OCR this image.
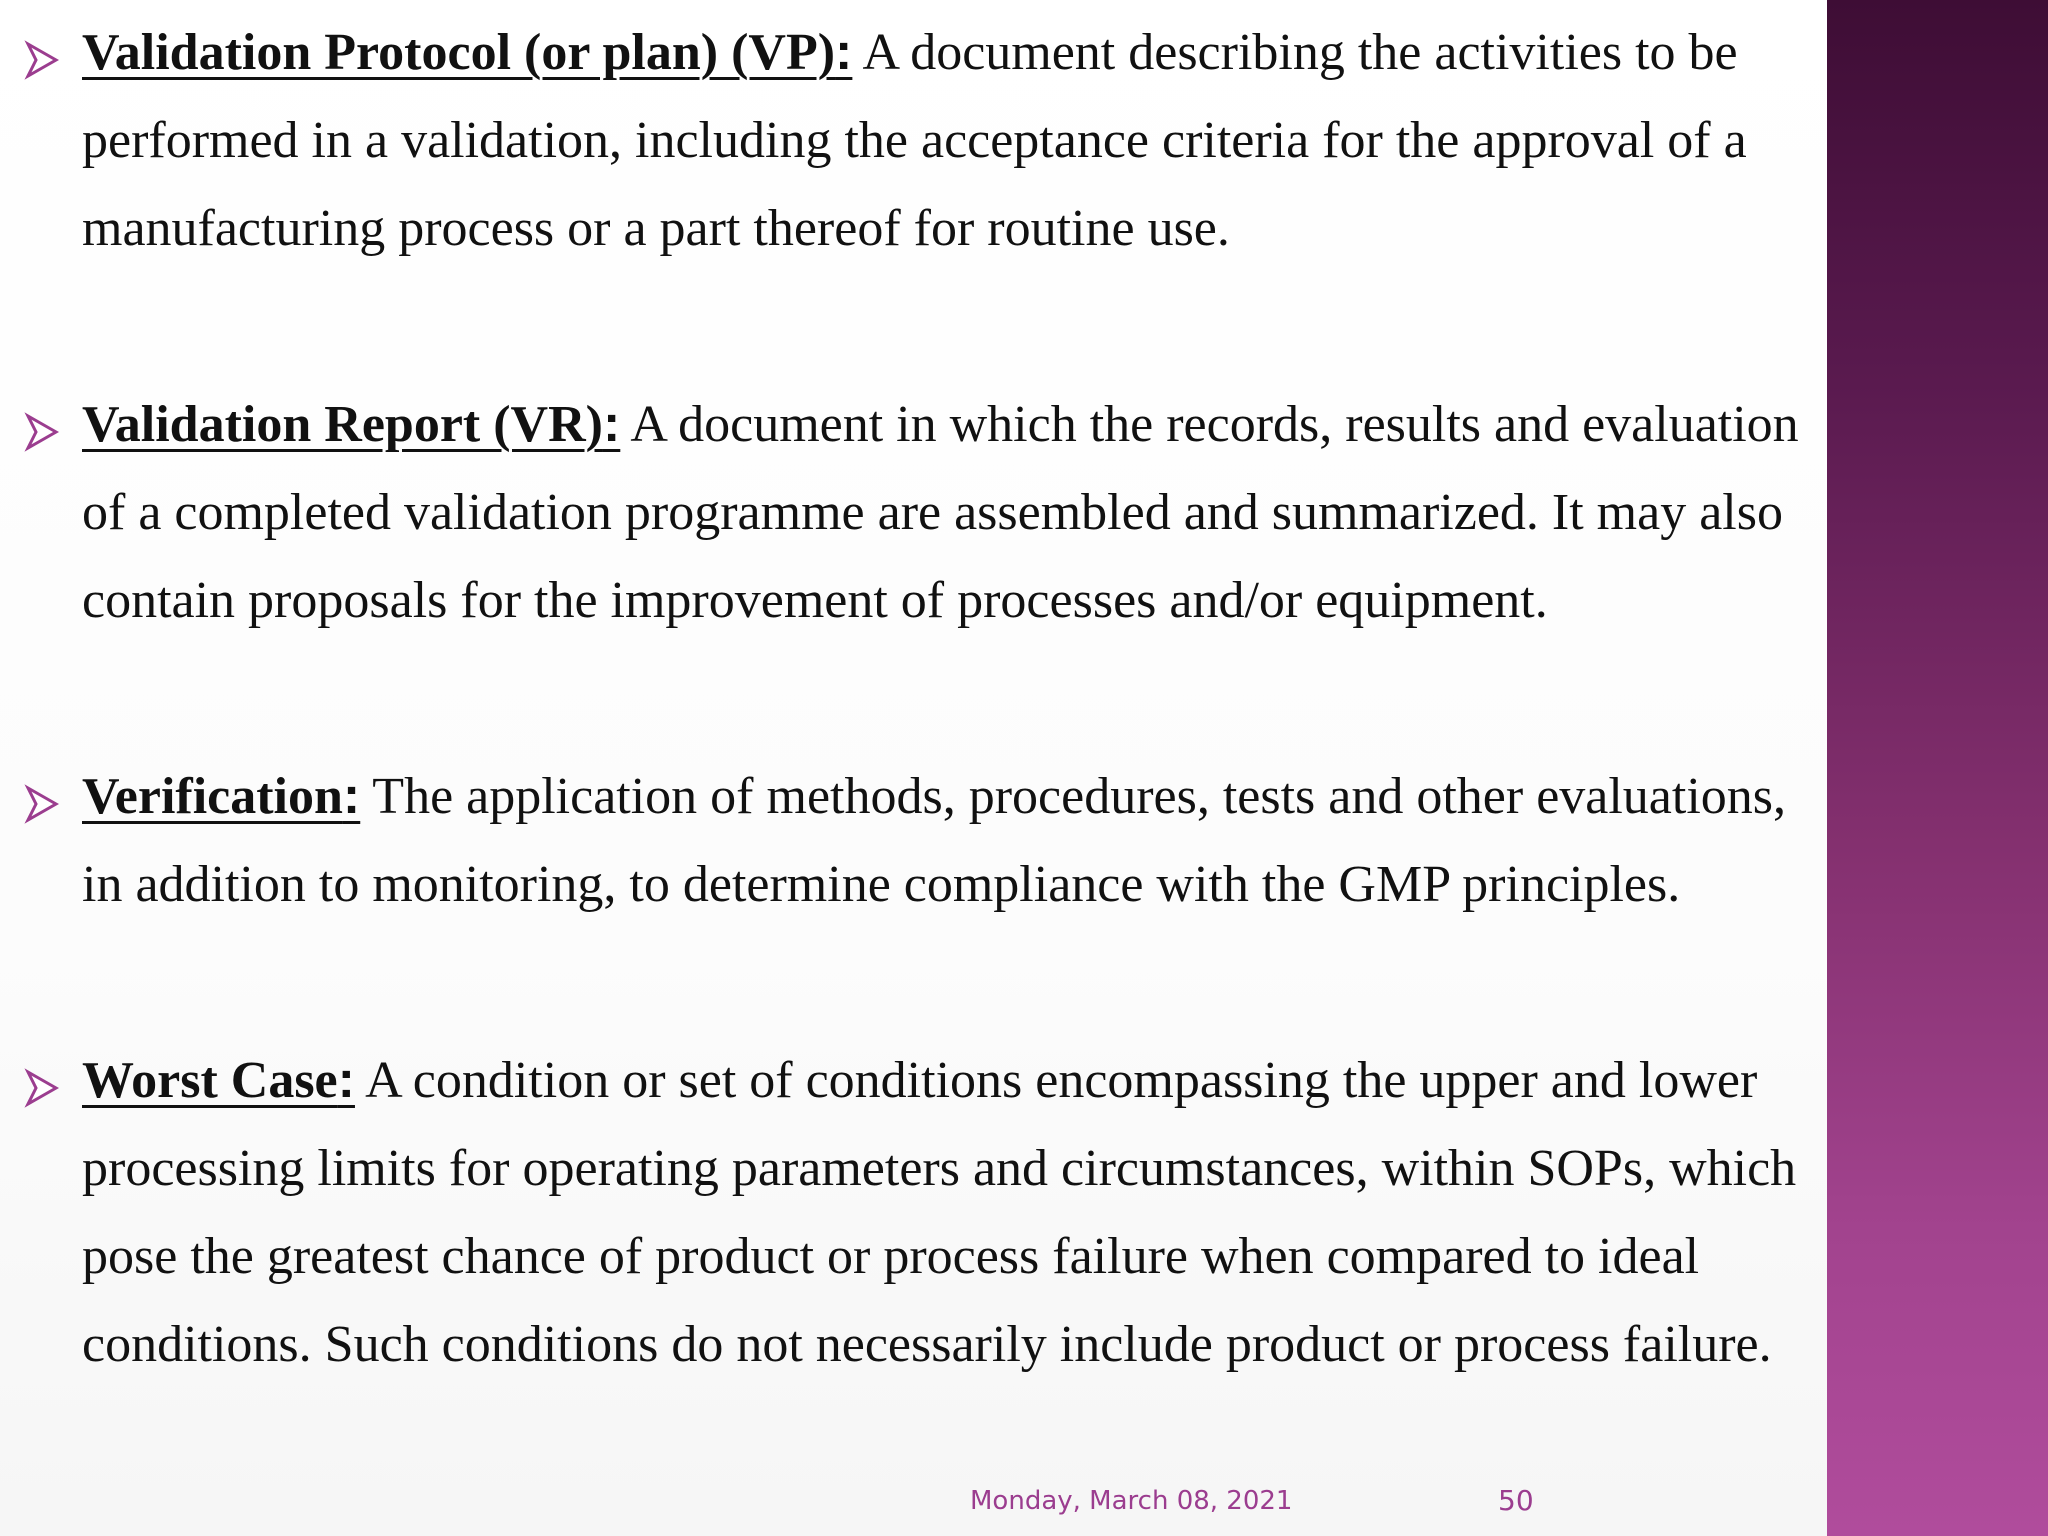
Validation Protocol (or plan) (VP): A document describing the activities to be performed in a validation, including the acceptance criteria for the approval of a manufacturing process or a part thereof for routine use.

Validation Report (VR): A document in which the records, results and evaluation of a completed validation programme are assembled and summarized. It may also contain proposals for the improvement of processes and/or equipment.

Verification: The application of methods, procedures, tests and other evaluations, in addition to monitoring, to determine compliance with the GMP principles.

Worst Case: A condition or set of conditions encompassing the upper and lower processing limits for operating parameters and circumstances, within SOPs, which pose the greatest chance of product or process failure when compared to ideal conditions. Such conditions do not necessarily include product or process failure.

Monday, March 08, 2021	50
